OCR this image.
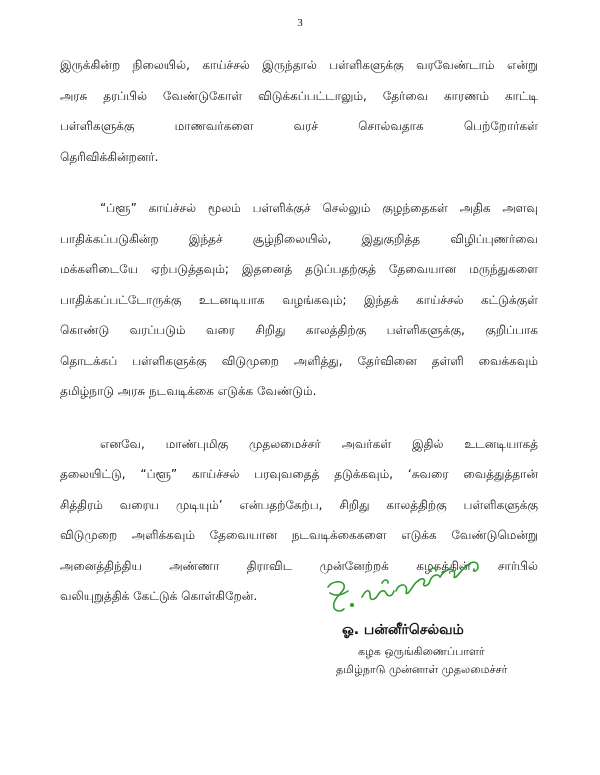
3

இருக்கின்ற நிலையில், காய்ச்சல் இருந்தால் பள்ளிகளுக்கு வரவேண்டாம் என்று
அரசு தரப்பில் வேண்டுகோள் விடுக்கப்பட்டாலும், தேர்வை காரணம் காட்டி
பள்ளிகளுக்கு மாணவர்களை வரச் சொல்வதாக பெற்றோர்கள்
தெரிவிக்கின்றனர்.

“ப்ளூ” காய்ச்சல் மூலம் பள்ளிக்குச் செல்லும் குழந்தைகள் அதிக அளவு
பாதிக்கப்படுகின்ற இந்தச் சூழ்நிலையில், இதுகுறித்த விழிப்புணர்வை
மக்களிடையே ஏற்படுத்தவும்; இதனைத் தடுப்பதற்குத் தேவையான மருந்துகளை
பாதிக்கப்பட்டோருக்கு உடனடியாக வழங்கவும்; இந்தக் காய்ச்சல் கட்டுக்குள்
கொண்டு வரப்படும் வரை சிறிது காலத்திற்கு பள்ளிகளுக்கு, குறிப்பாக
தொடக்கப் பள்ளிகளுக்கு விடுமுறை அளித்து, தேர்வினை தள்ளி வைக்கவும்
தமிழ்நாடு அரசு நடவடிக்கை எடுக்க வேண்டும்.

எனவே, மாண்புமிகு முதலமைச்சர் அவர்கள் இதில் உடனடியாகத்
தலையிட்டு, “ப்ளூ” காய்ச்சல் பரவுவதைத் தடுக்கவும், ‘சுவரை வைத்துத்தான்
சித்திரம் வரைய முடியும்’ என்பதற்கேற்ப, சிறிது காலத்திற்கு பள்ளிகளுக்கு
விடுமுறை அளிக்கவும் தேவையான நடவடிக்கைகளை எடுக்க வேண்டுமென்று
அனைத்திந்திய அண்ணா திராவிட முன்னேற்றக் கழகத்தின் சார்பில்
வலியுறுத்திக் கேட்டுக் கொள்கிறேன்.

ஓ. பன்னீர்செல்வம்
கழக ஒருங்கிணைப்பாளர்
தமிழ்நாடு முன்னாள் முதலமைச்சர்
